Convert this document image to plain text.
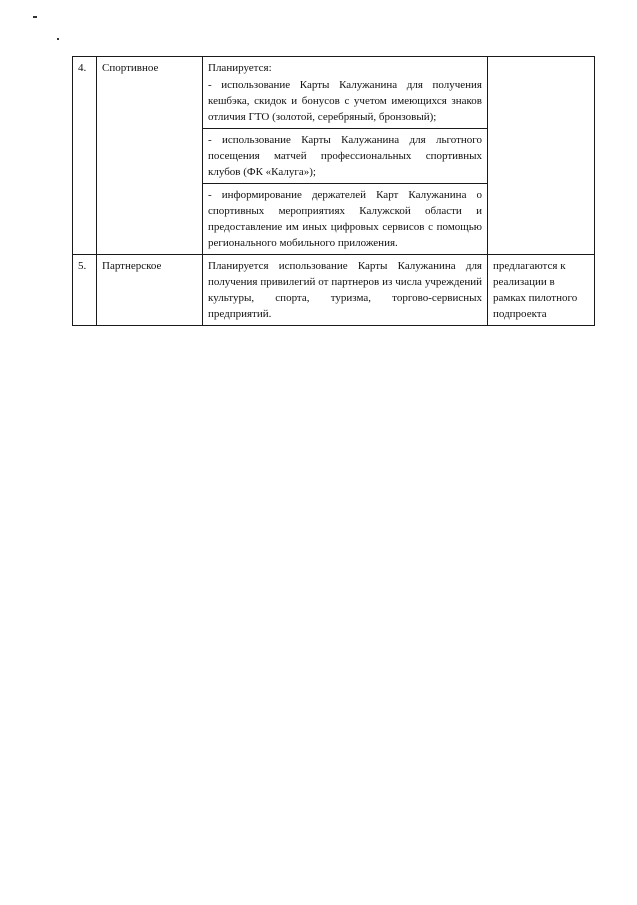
4.	Спортивное	Планируется:

- использование Карты Калужанина для получения кешбэка, скидок и бонусов с учетом имеющихся знаков отличия ГТО (золотой, серебряный, бронзовый);

- использование Карты Калужанина для льготного посещения матчей профессиональных спортивных клубов (ФК «Калуга»);

- информирование держателей Карт Калужанина о спортивных мероприятиях Калужской области и предоставление им иных цифровых сервисов с помощью регионального мобильного приложения.	

5.	Партнерское	Планируется использование Карты Калужанина для получения привилегий от партнеров из числа учреждений культуры, спорта, туризма, торгово-сервисных предприятий.	предлагаются к реализации в рамках пилотного подпроекта
